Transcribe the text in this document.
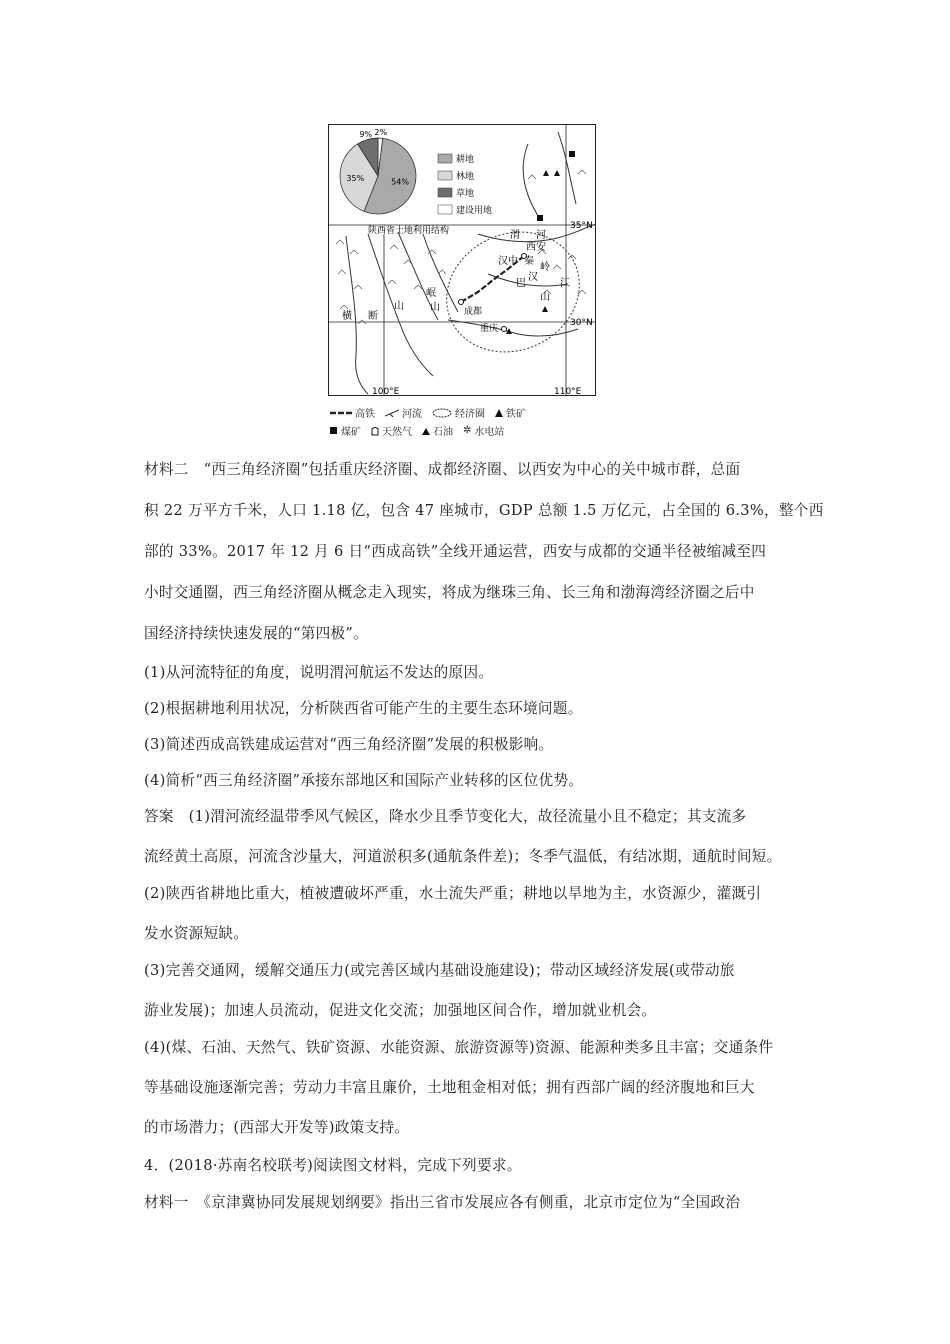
2%
54%
35%
9%
耕地
林地
草地
建设用地
陕西省土地利用结构	35°N
30°N
100°E	110°E
西安
汉中
成都
重庆
渭 河
秦
岭
汉
江
巴
山
横 断
山
岷
山
高铁	河流	经济圈 铁矿
煤矿 天然气 石油 ✲ 水电站
材料二　“西三角经济圈”包括重庆经济圈、成都经济圈、以西安为中心的关中城市群，总面
积 22 万平方千米，人口 1.18 亿，包含 47 座城市，GDP 总额 1.5 万亿元，占全国的 6.3%，整个西
部的 33%。2017 年 12 月 6 日“西成高铁”全线开通运营，西安与成都的交通半径被缩减至四
小时交通圈，西三角经济圈从概念走入现实，将成为继珠三角、长三角和渤海湾经济圈之后中
国经济持续快速发展的“第四极”。
(1)从河流特征的角度，说明渭河航运不发达的原因。
(2)根据耕地利用状况，分析陕西省可能产生的主要生态环境问题。
(3)简述西成高铁建成运营对“西三角经济圈”发展的积极影响。
(4)简析“西三角经济圈”承接东部地区和国际产业转移的区位优势。
答案　(1)渭河流经温带季风气候区，降水少且季节变化大，故径流量小且不稳定；其支流多
流经黄土高原，河流含沙量大，河道淤积多(通航条件差)；冬季气温低，有结冰期，通航时间短。
(2)陕西省耕地比重大，植被遭破坏严重，水土流失严重；耕地以旱地为主，水资源少，灌溉引
发水资源短缺。
(3)完善交通网，缓解交通压力(或完善区域内基础设施建设)；带动区域经济发展(或带动旅
游业发展)；加速人员流动，促进文化交流；加强地区间合作，增加就业机会。
(4)(煤、石油、天然气、铁矿资源、水能资源、旅游资源等)资源、能源种类多且丰富；交通条件
等基础设施逐渐完善；劳动力丰富且廉价，土地租金相对低；拥有西部广阔的经济腹地和巨大
的市场潜力；(西部大开发等)政策支持。
4．(2018·苏南名校联考)阅读图文材料，完成下列要求。
材料一　《京津冀协同发展规划纲要》指出三省市发展应各有侧重，北京市定位为“全国政治
